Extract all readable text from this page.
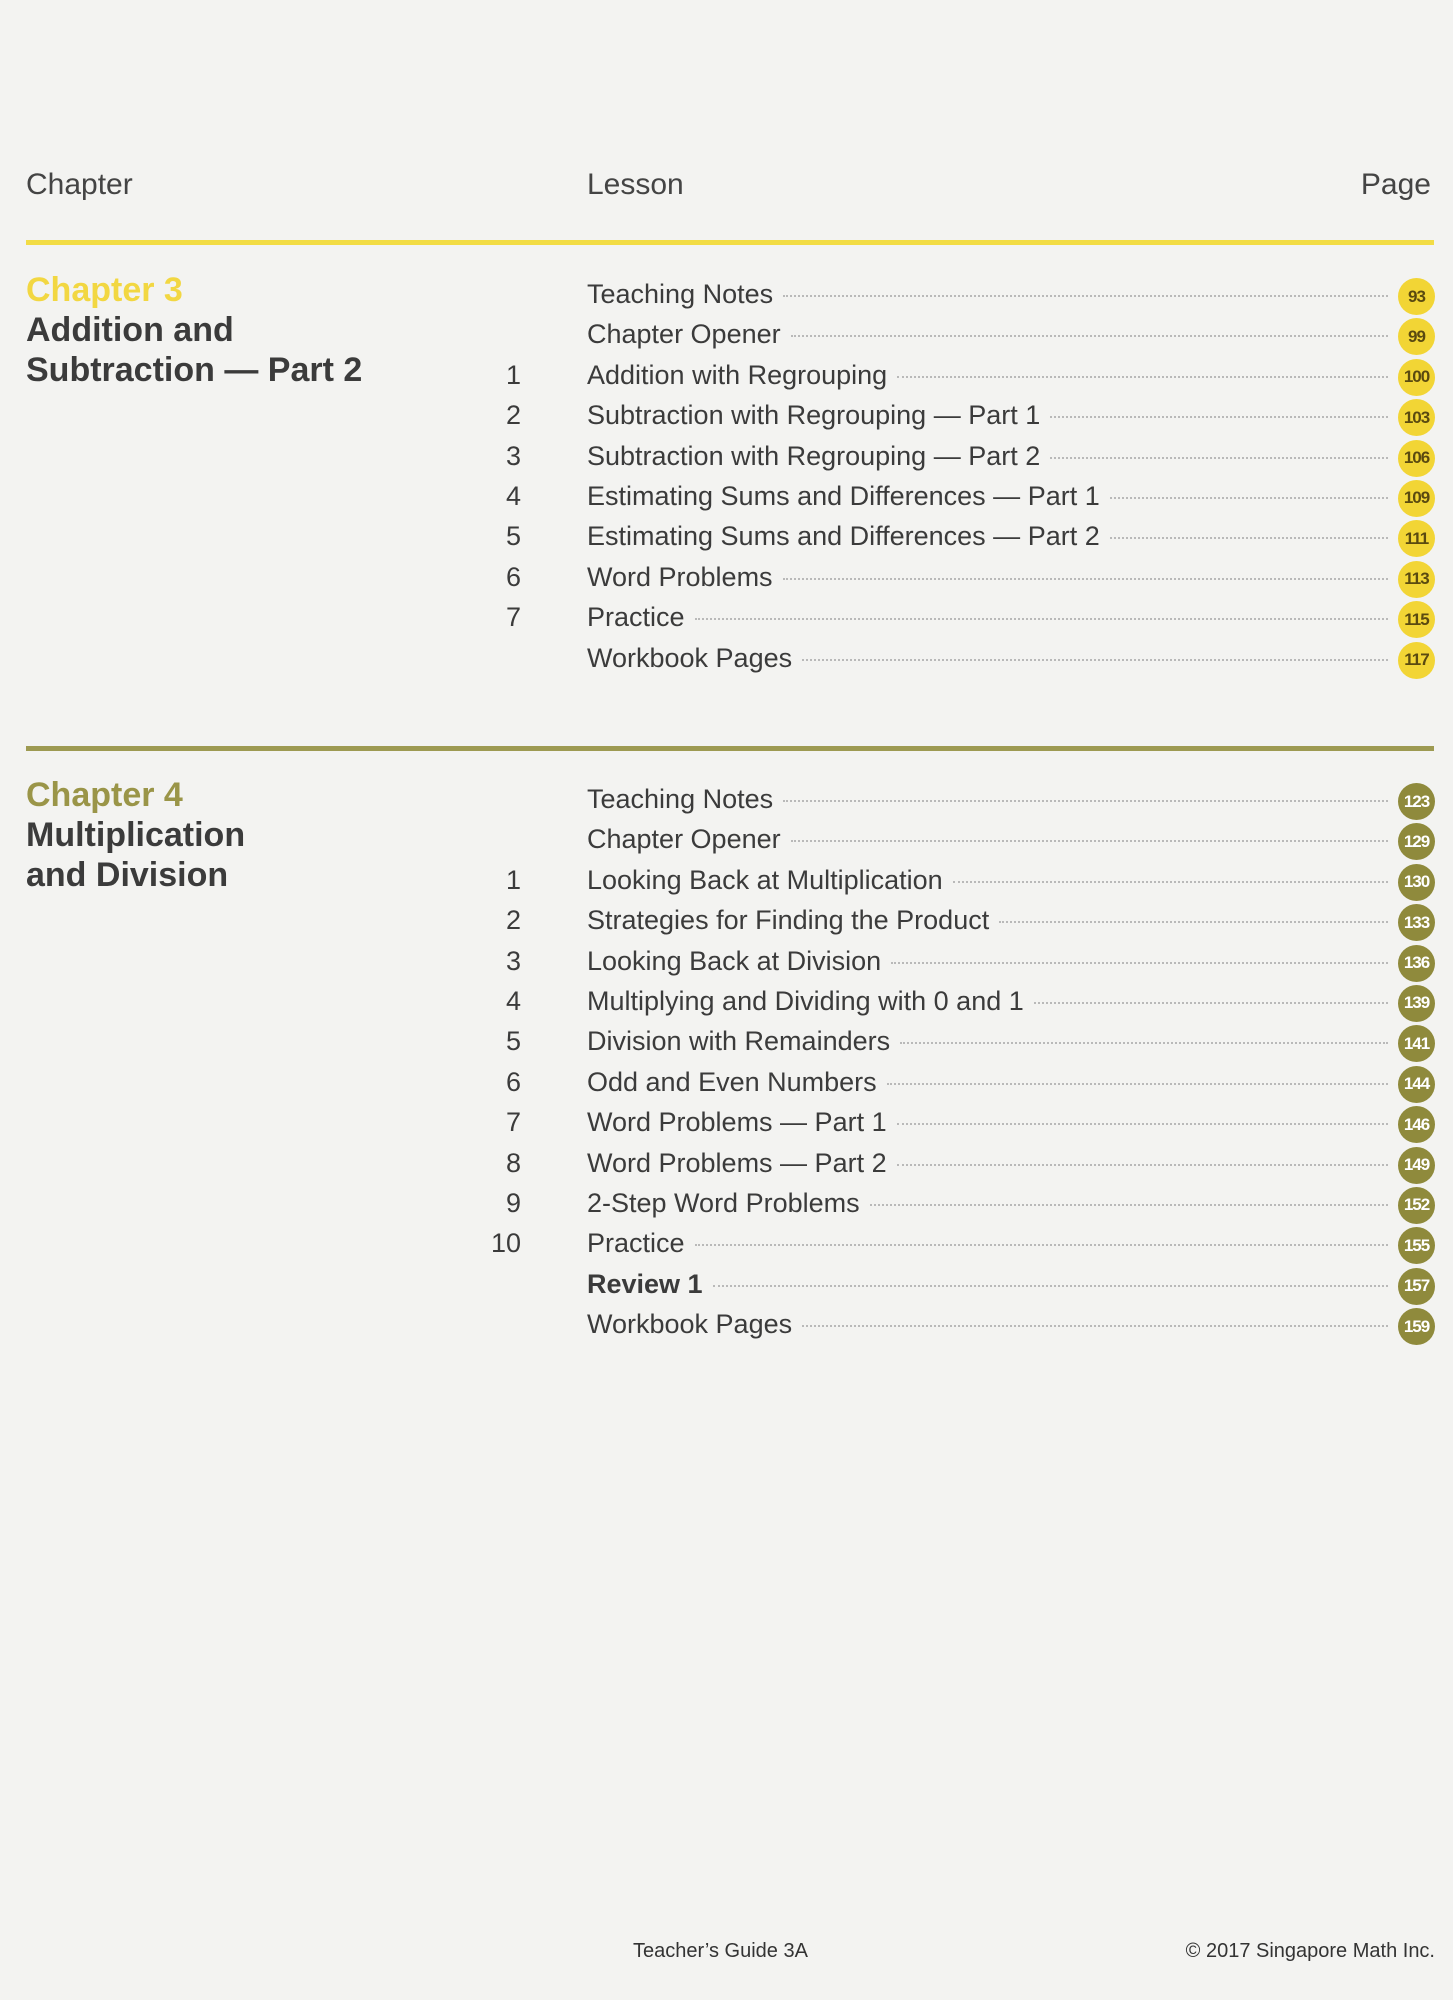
Chapter	Lesson	Page
Chapter 3
Addition and
Subtraction — Part 2
Teaching Notes	93
Chapter Opener	99
1 Addition with Regrouping	100
2 Subtraction with Regrouping — Part 1	103
3 Subtraction with Regrouping — Part 2	106
4 Estimating Sums and Differences — Part 1	109
5 Estimating Sums and Differences — Part 2	111
6 Word Problems	113
7 Practice	115
Workbook Pages	117
Chapter 4
Multiplication
and Division
Teaching Notes	123
Chapter Opener	129
1 Looking Back at Multiplication	130
2 Strategies for Finding the Product	133
3 Looking Back at Division	136
4 Multiplying and Dividing with 0 and 1	139
5 Division with Remainders	141
6 Odd and Even Numbers	144
7 Word Problems — Part 1	146
8 Word Problems — Part 2	149
9 2-Step Word Problems	152
10 Practice	155
Review 1	157
Workbook Pages	159
Teacher’s Guide 3A	© 2017 Singapore Math Inc.
